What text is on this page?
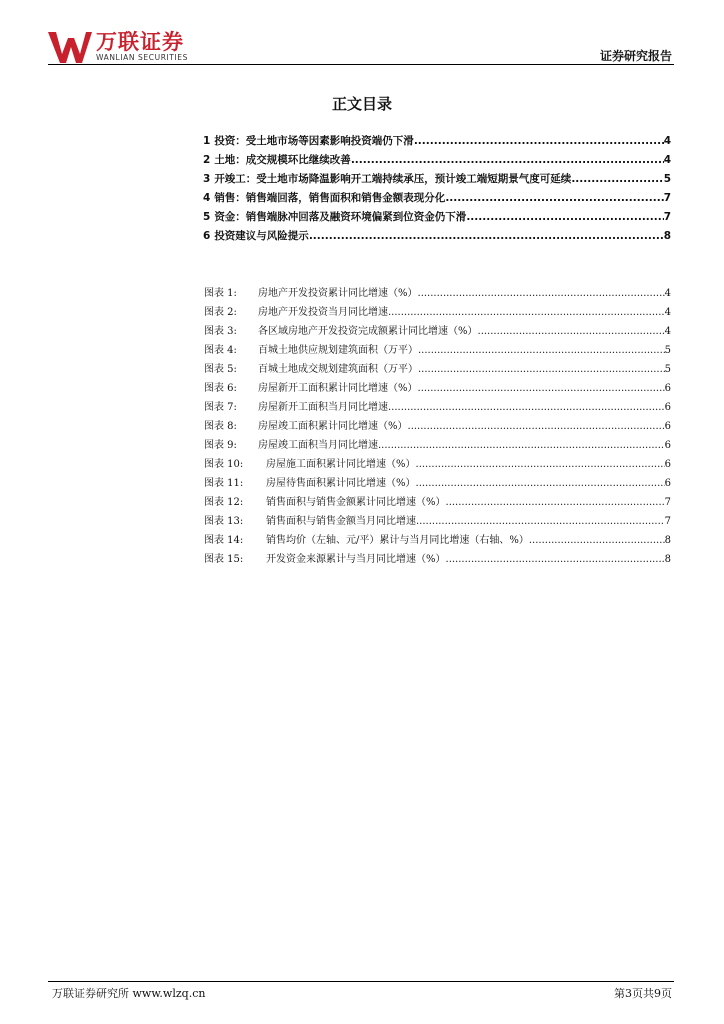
万联证券
WANLIAN SECURITIES	证券研究报告
正文目录
1 投资：受土地市场等因素影响投资端仍下滑 .....	4
2 土地：成交规模环比继续改善 .....	4
3 开竣工：受土地市场降温影响开工端持续承压，预计竣工端短期景气度可延续 .....	5
4 销售：销售端回落，销售面积和销售金额表现分化 .....	7
5 资金：销售端脉冲回落及融资环境偏紧到位资金仍下滑 .....	7
6 投资建议与风险提示 .....	8
图表 1:	房地产开发投资累计同比增速（%） .....	4
图表 2:	房地产开发投资当月同比增速 .....	4
图表 3:	各区域房地产开发投资完成额累计同比增速（%） .....	4
图表 4:	百城土地供应规划建筑面积（万平） .....	5
图表 5:	百城土地成交规划建筑面积（万平） .....	5
图表 6:	房屋新开工面积累计同比增速（%） .....	6
图表 7:	房屋新开工面积当月同比增速 .....	6
图表 8:	房屋竣工面积累计同比增速（%） .....	6
图表 9:	房屋竣工面积当月同比增速 .....	6
图表 10:	房屋施工面积累计同比增速（%） .....	6
图表 11:	房屋待售面积累计同比增速（%） .....	6
图表 12:	销售面积与销售金额累计同比增速（%） .....	7
图表 13:	销售面积与销售金额当月同比增速 .....	7
图表 14:	销售均价（左轴、元/平）累计与当月同比增速（右轴、%） .....	8
图表 15:	开发资金来源累计与当月同比增速（%） .....	8
万联证券研究所 www.wlzq.cn	第3页共9页
